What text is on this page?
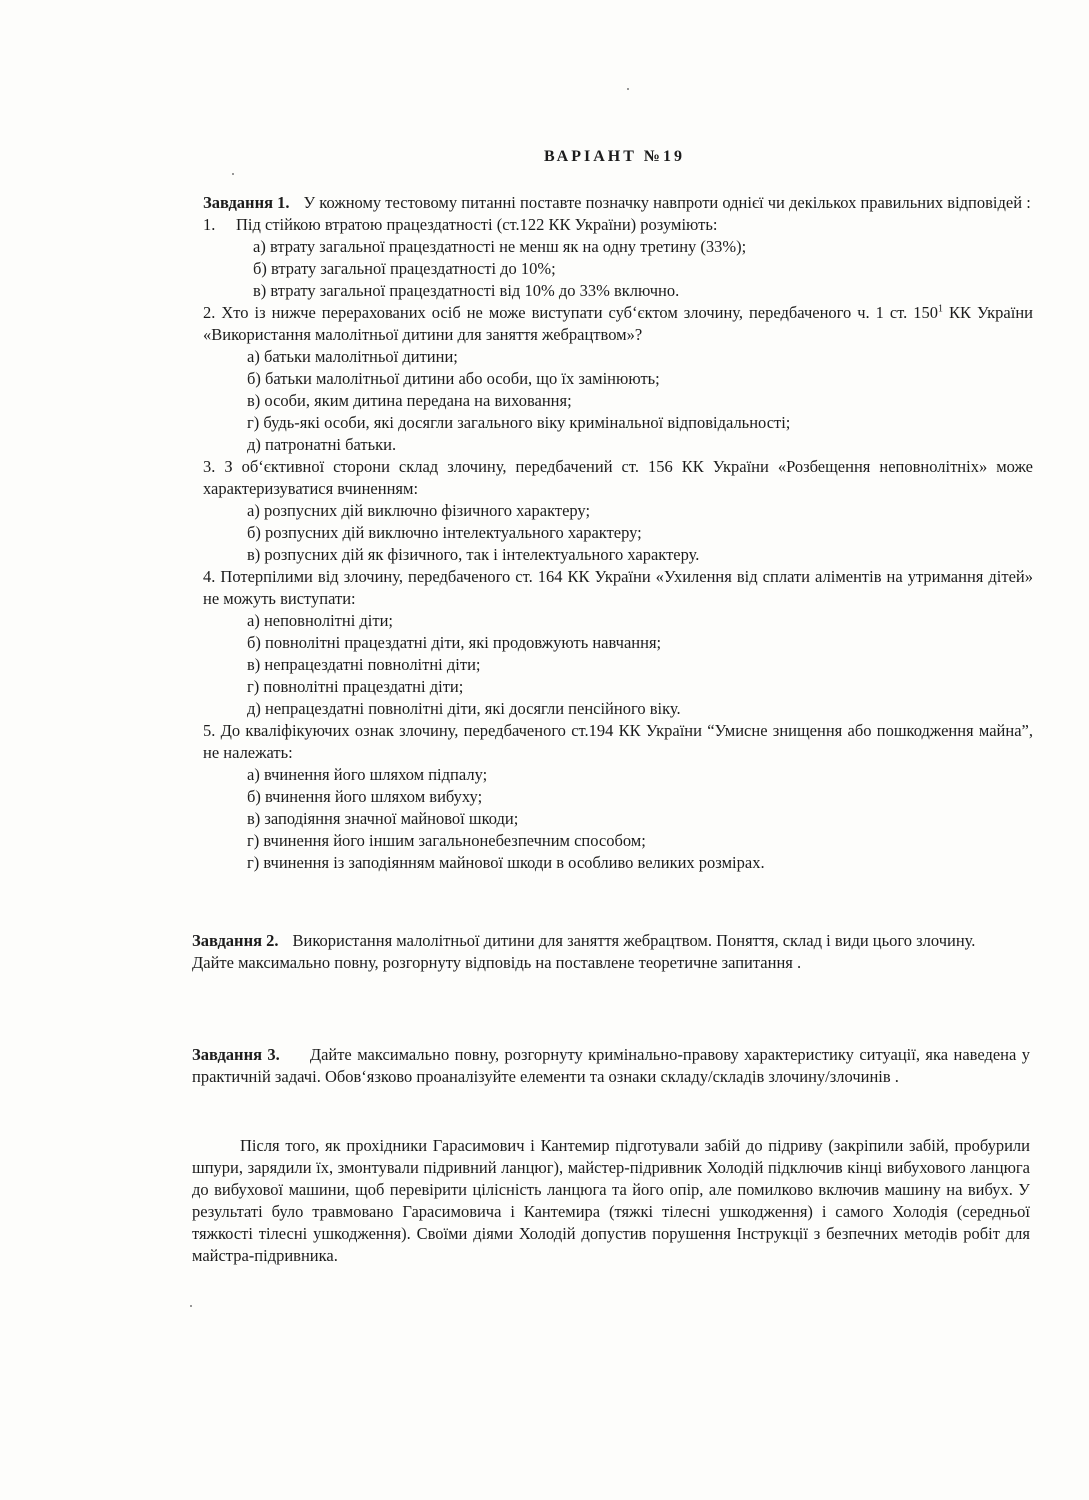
ВАРІАНТ №19

Завдання 1. У кожному тестовому питанні поставте позначку навпроти однієї чи декількох правильних відповідей :

1. Під стійкою втратою працездатності (ст.122 КК України) розуміють:

а) втрату загальної працездатності не менш як на одну третину (33%);

б) втрату загальної працездатності до 10%;

в) втрату загальної працездатності від 10% до 33% включно.

2. Хто із нижче перерахованих осіб не може виступати суб‘єктом злочину, передбаченого ч. 1 ст. $150^1$ КК України «Використання малолітньої дитини для заняття жебрацтвом»?

а) батьки малолітньої дитини;

б) батьки малолітньої дитини або особи, що їх замінюють;

в) особи, яким дитина передана на виховання;

г) будь-які особи, які досягли загального віку кримінальної відповідальності;

д) патронатні батьки.

3. З об‘єктивної сторони склад злочину, передбачений ст. 156 КК України «Розбещення неповнолітніх» може характеризуватися вчиненням:

а) розпусних дій виключно фізичного характеру;

б) розпусних дій виключно інтелектуального характеру;

в) розпусних дій як фізичного, так і інтелектуального характеру.

4. Потерпілими від злочину, передбаченого ст. 164 КК України «Ухилення від сплати аліментів на утримання дітей» не можуть виступати:

а) неповнолітні діти;

б) повнолітні працездатні діти, які продовжують навчання;

в) непрацездатні повнолітні діти;

г) повнолітні працездатні діти;

д) непрацездатні повнолітні діти, які досягли пенсійного віку.

5. До кваліфікуючих ознак злочину, передбаченого ст.194 КК України “Умисне знищення або пошкодження майна”, не належать:

а) вчинення його шляхом підпалу;

б) вчинення його шляхом вибуху;

в) заподіяння значної майнової шкоди;

г) вчинення його іншим загальнонебезпечним способом;

г) вчинення із заподіянням майнової шкоди в особливо великих розмірах.

Завдання 2. Використання малолітньої дитини для заняття жебрацтвом. Поняття, склад і види цього злочину.

Дайте максимально повну, розгорнуту відповідь на поставлене теоретичне запитання .

Завдання 3. Дайте максимально повну, розгорнуту кримінально-правову характеристику ситуації, яка наведена у практичній задачі. Обов‘язково проаналізуйте елементи та ознаки складу/складів злочину/злочинів .

Після того, як прохідники Гарасимович і Кантемир підготували забій до підриву (закріпили забій, пробурили шпури, зарядили їх, змонтували підривний ланцюг), майстер-підривник Холодій підключив кінці вибухового ланцюга до вибухової машини, щоб перевірити цілісність ланцюга та його опір, але помилково включив машину на вибух. У результаті було травмовано Гарасимовича і Кантемира (тяжкі тілесні ушкодження) і самого Холодія (середньої тяжкості тілесні ушкодження). Своїми діями Холодій допустив порушення Інструкції з безпечних методів робіт для майстра-підривника.
